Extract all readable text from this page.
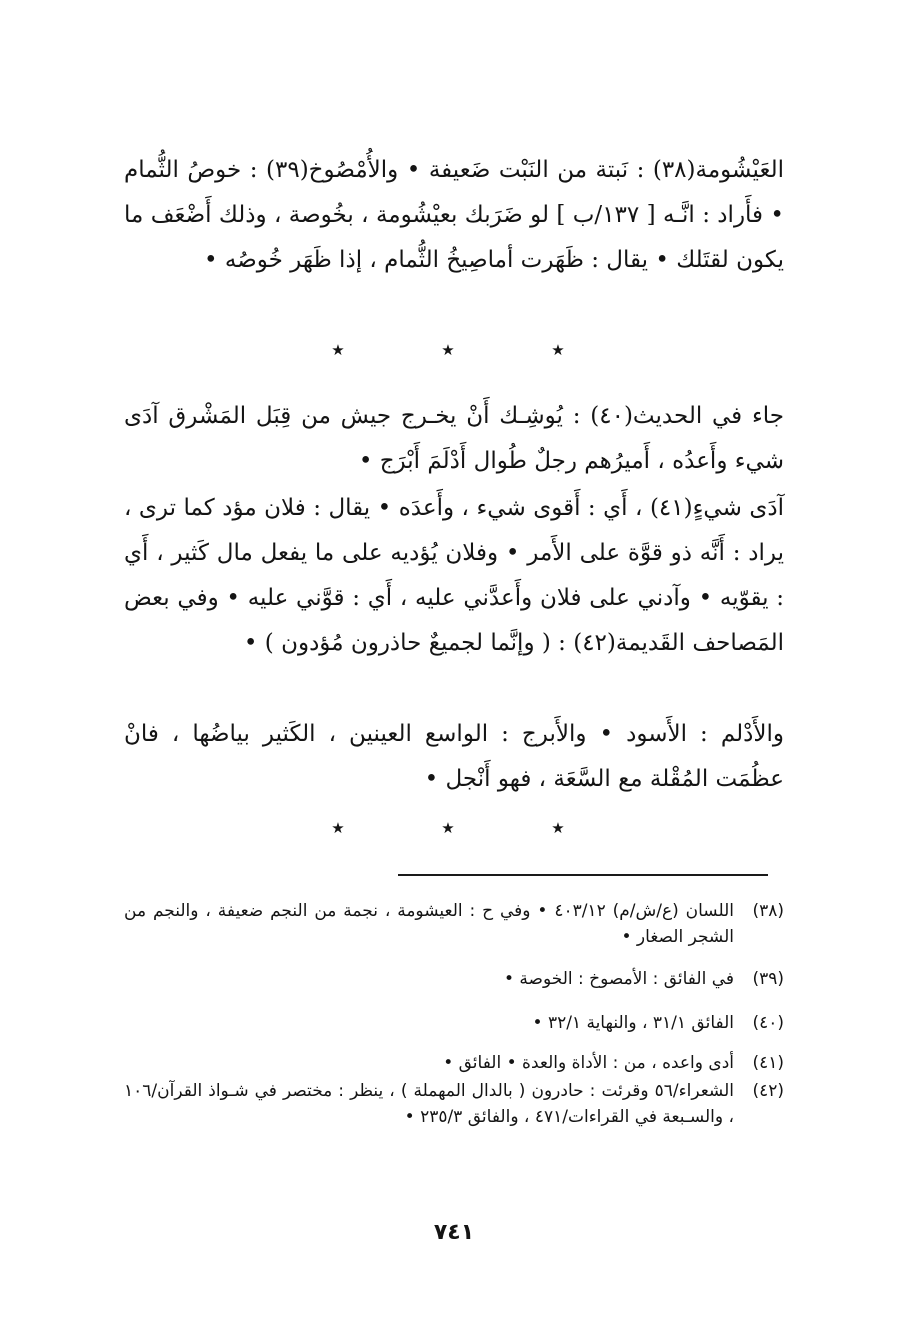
العَيْشُومة(٣٨) : نَبتة من النَبْت ضَعيفة • والأُمْصُوخ(٣٩) : خوصُ الثُّمام • فأَراد : انَّـه [ ١٣٧/ب ] لو ضَرَبك بعيْشُومة ، بخُوصة ، وذلك أَضْعَف ما يكون لقتَلك • يقال : ظَهَرت أماصِيخُ الثُّمام ، إذا ظَهَر خُوصُه •

★	★	★

جاء في الحديث(٤٠) : يُوشِـك أَنْ يخـرج جيش من قِبَل المَشْرق آدَى شيء وأَعدُه ، أَميرُهم رجلٌ طُوال أَدْلَمَ أَبْرَج •

آدَى شيءٍ(٤١) ، أَي : أَقوى شيء ، وأَعدَه • يقال : فلان مؤد كما ترى ، يراد : أَنَّه ذو قوَّة على الأَمر • وفلان يُؤديه على ما يفعل مال كَثير ، أَي : يقوّيه • وآدني على فلان وأَعدَّني عليه ، أَي : قوَّني عليه • وفي بعض المَصاحف القَديمة(٤٢) : ( وإنَّما لجميعٌ حاذرون مُؤدون ) •

والأَدْلم : الأَسود • والأَبرج : الواسع العينين ، الكَثير بياضُها ، فانْ عظُمَت المُقْلة مع السَّعَة ، فهو أَنْجل •

★	★	★
(٣٨)
اللسان (ع/ش/م) ٤٠٣/١٢ • وفي ح : العيشومة ، نجمة من النجم ضعيفة ، والنجم من الشجر الصغار •
(٣٩)
في الفائق : الأمصوخ : الخوصة •
(٤٠)
الفائق ٣١/١ ، والنهاية ٣٢/١ •
(٤١)
أدى واعده ، من : الأداة والعدة • الفائق •
(٤٢)
الشعراء/٥٦ وقرئت : حادرون ( بالدال المهملة ) ، ينظر : مختصر في شـواذ القرآن/١٠٦ ، والسـبعة في القراءات/٤٧١ ، والفائق ٢٣٥/٣ •
٧٤١
